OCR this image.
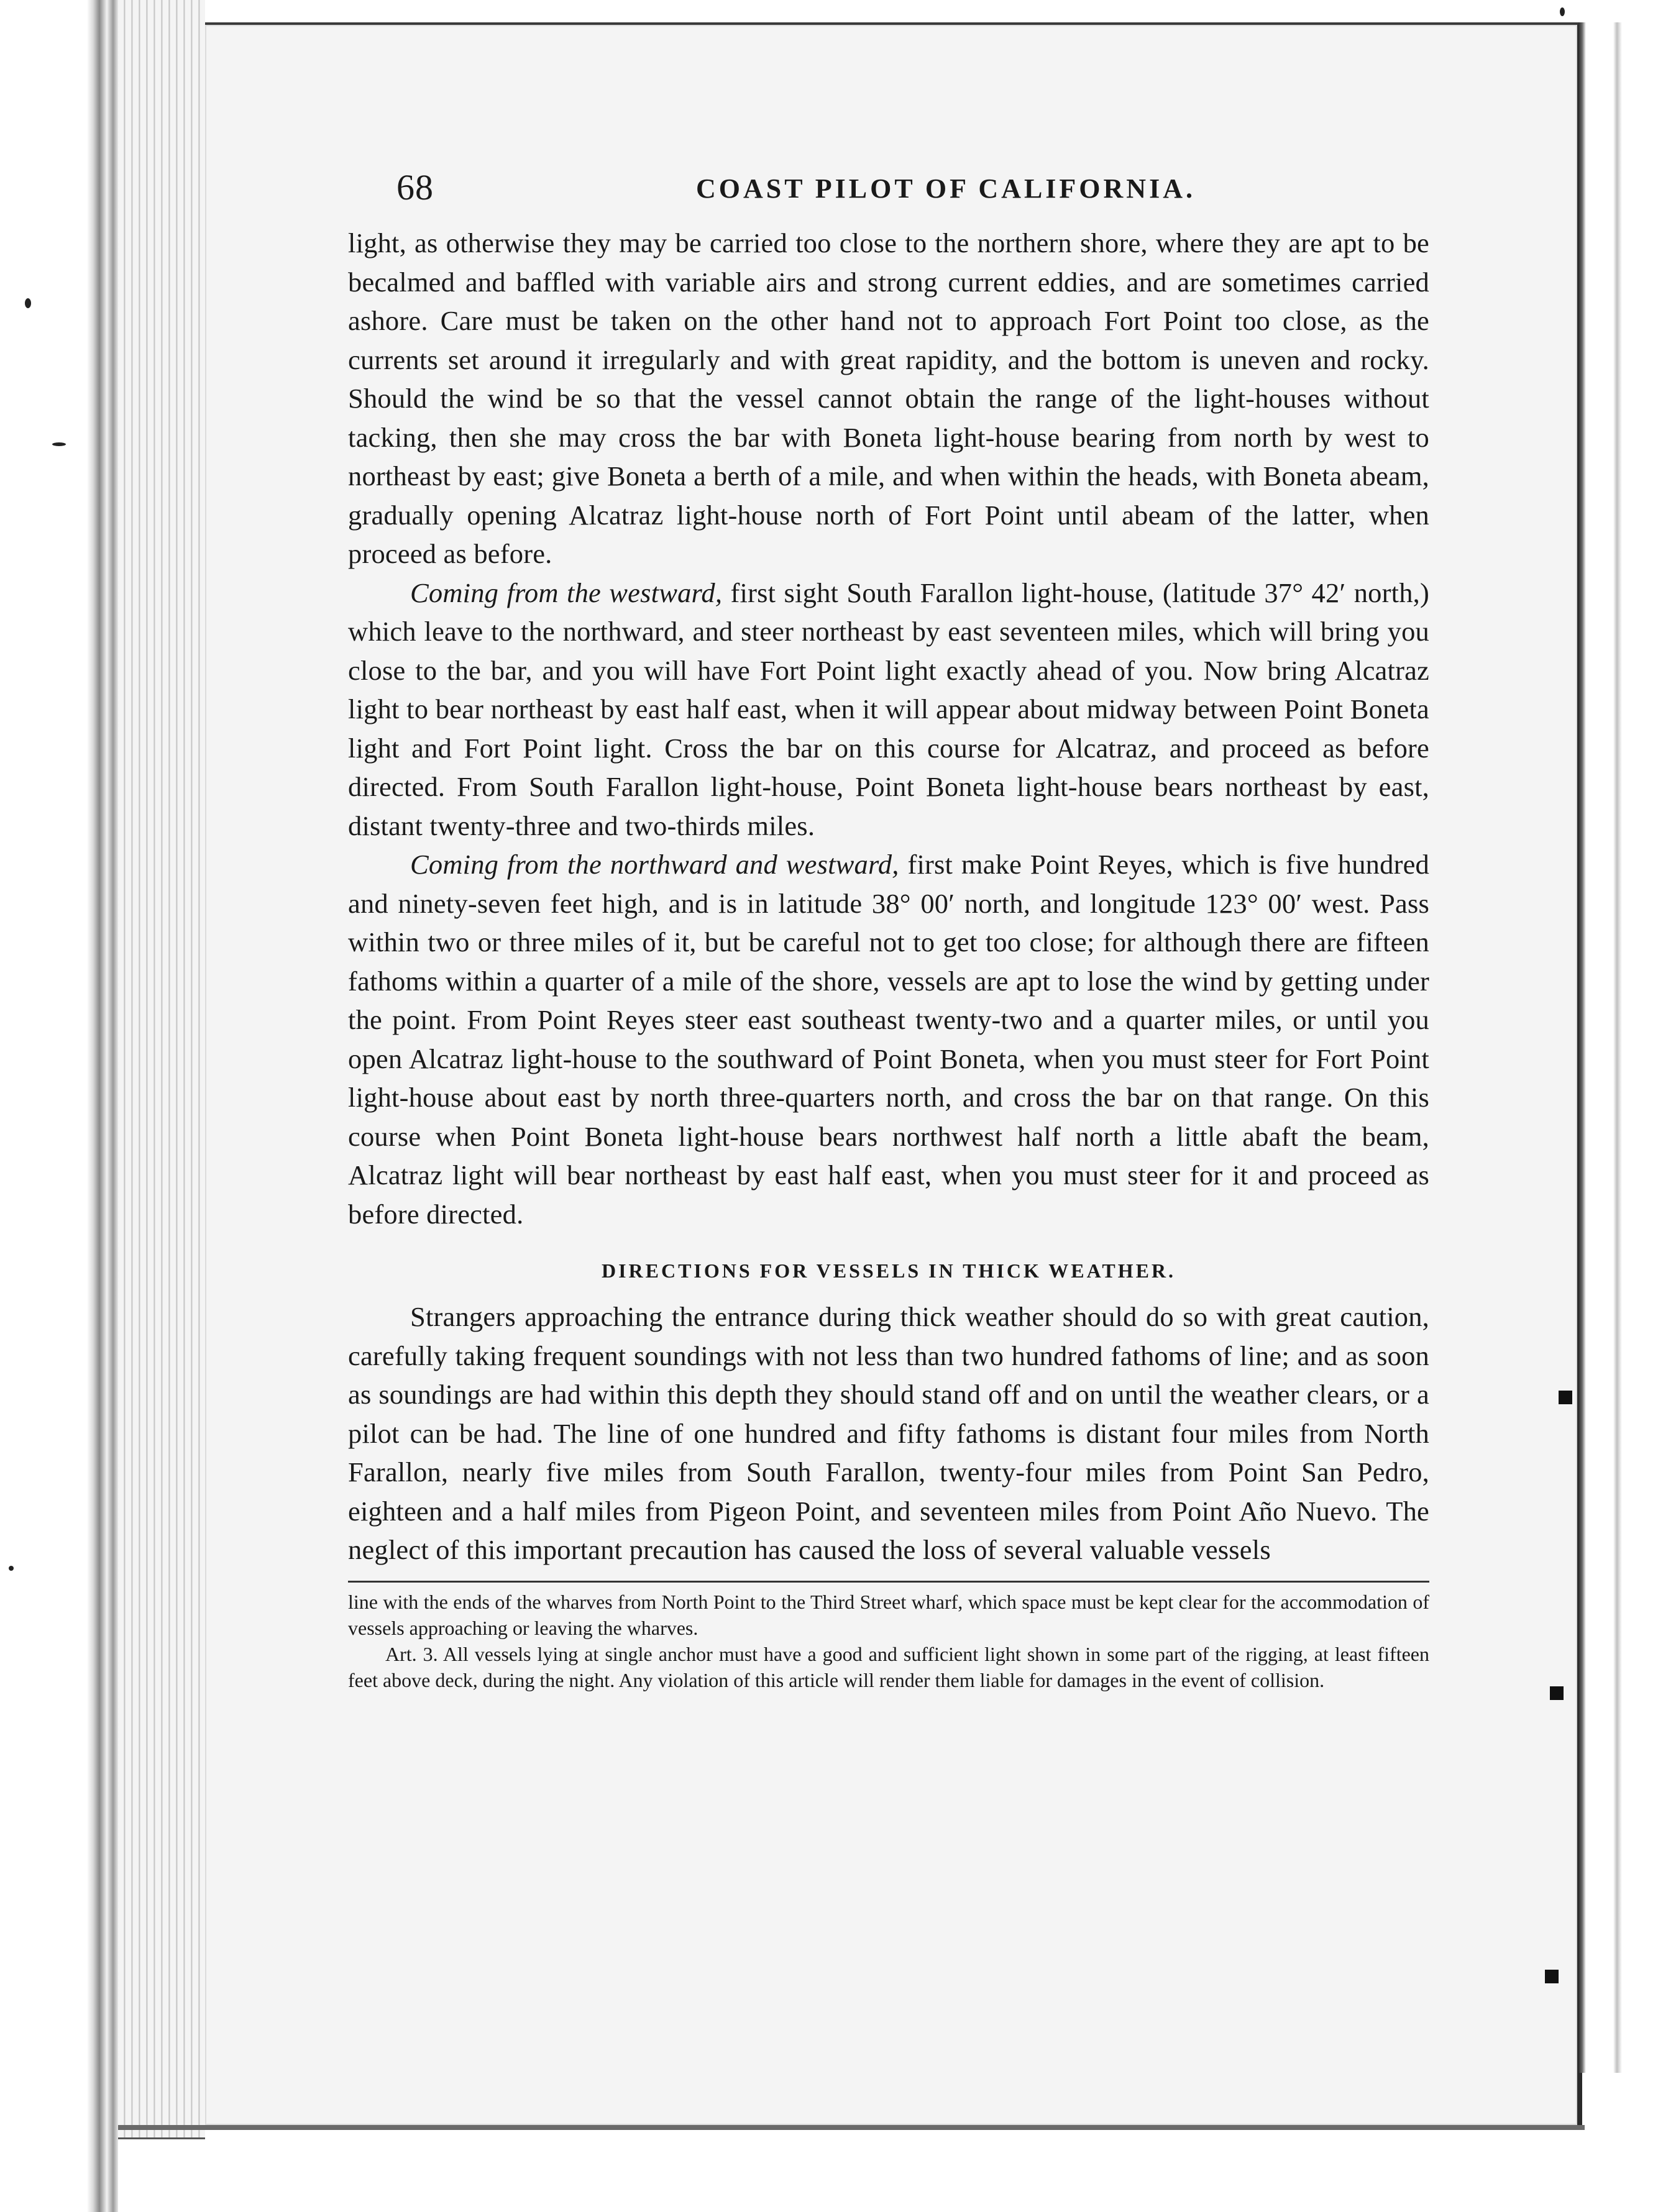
68	COAST PILOT OF CALIFORNIA.

light, as otherwise they may be carried too close to the northern shore, where they are apt to be becalmed and baffled with variable airs and strong current eddies, and are sometimes carried ashore. Care must be taken on the other hand not to approach Fort Point too close, as the currents set around it irregularly and with great rapidity, and the bottom is uneven and rocky. Should the wind be so that the vessel cannot obtain the range of the light-houses without tacking, then she may cross the bar with Boneta light-house bearing from north by west to northeast by east; give Boneta a berth of a mile, and when within the heads, with Boneta abeam, gradually opening Alcatraz light-house north of Fort Point until abeam of the latter, when proceed as before.

Coming from the westward, first sight South Farallon light-house, (latitude 37° 42′ north,) which leave to the northward, and steer northeast by east seventeen miles, which will bring you close to the bar, and you will have Fort Point light exactly ahead of you. Now bring Alcatraz light to bear northeast by east half east, when it will appear about midway between Point Boneta light and Fort Point light. Cross the bar on this course for Alcatraz, and proceed as before directed. From South Farallon light-house, Point Boneta light-house bears northeast by east, distant twenty-three and two-thirds miles.

Coming from the northward and westward, first make Point Reyes, which is five hundred and ninety-seven feet high, and is in latitude 38° 00′ north, and longitude 123° 00′ west. Pass within two or three miles of it, but be careful not to get too close; for although there are fifteen fathoms within a quarter of a mile of the shore, vessels are apt to lose the wind by getting under the point. From Point Reyes steer east southeast twenty-two and a quarter miles, or until you open Alcatraz light-house to the southward of Point Boneta, when you must steer for Fort Point light-house about east by north three-quarters north, and cross the bar on that range. On this course when Point Boneta light-house bears northwest half north a little abaft the beam, Alcatraz light will bear northeast by east half east, when you must steer for it and proceed as before directed.

DIRECTIONS FOR VESSELS IN THICK WEATHER.

Strangers approaching the entrance during thick weather should do so with great caution, carefully taking frequent soundings with not less than two hundred fathoms of line; and as soon as soundings are had within this depth they should stand off and on until the weather clears, or a pilot can be had. The line of one hundred and fifty fathoms is distant four miles from North Farallon, nearly five miles from South Farallon, twenty-four miles from Point San Pedro, eighteen and a half miles from Pigeon Point, and seventeen miles from Point Año Nuevo. The neglect of this important precaution has caused the loss of several valuable vessels

line with the ends of the wharves from North Point to the Third Street wharf, which space must be kept clear for the accommodation of vessels approaching or leaving the wharves.

Art. 3. All vessels lying at single anchor must have a good and sufficient light shown in some part of the rigging, at least fifteen feet above deck, during the night. Any violation of this article will render them liable for damages in the event of collision.
